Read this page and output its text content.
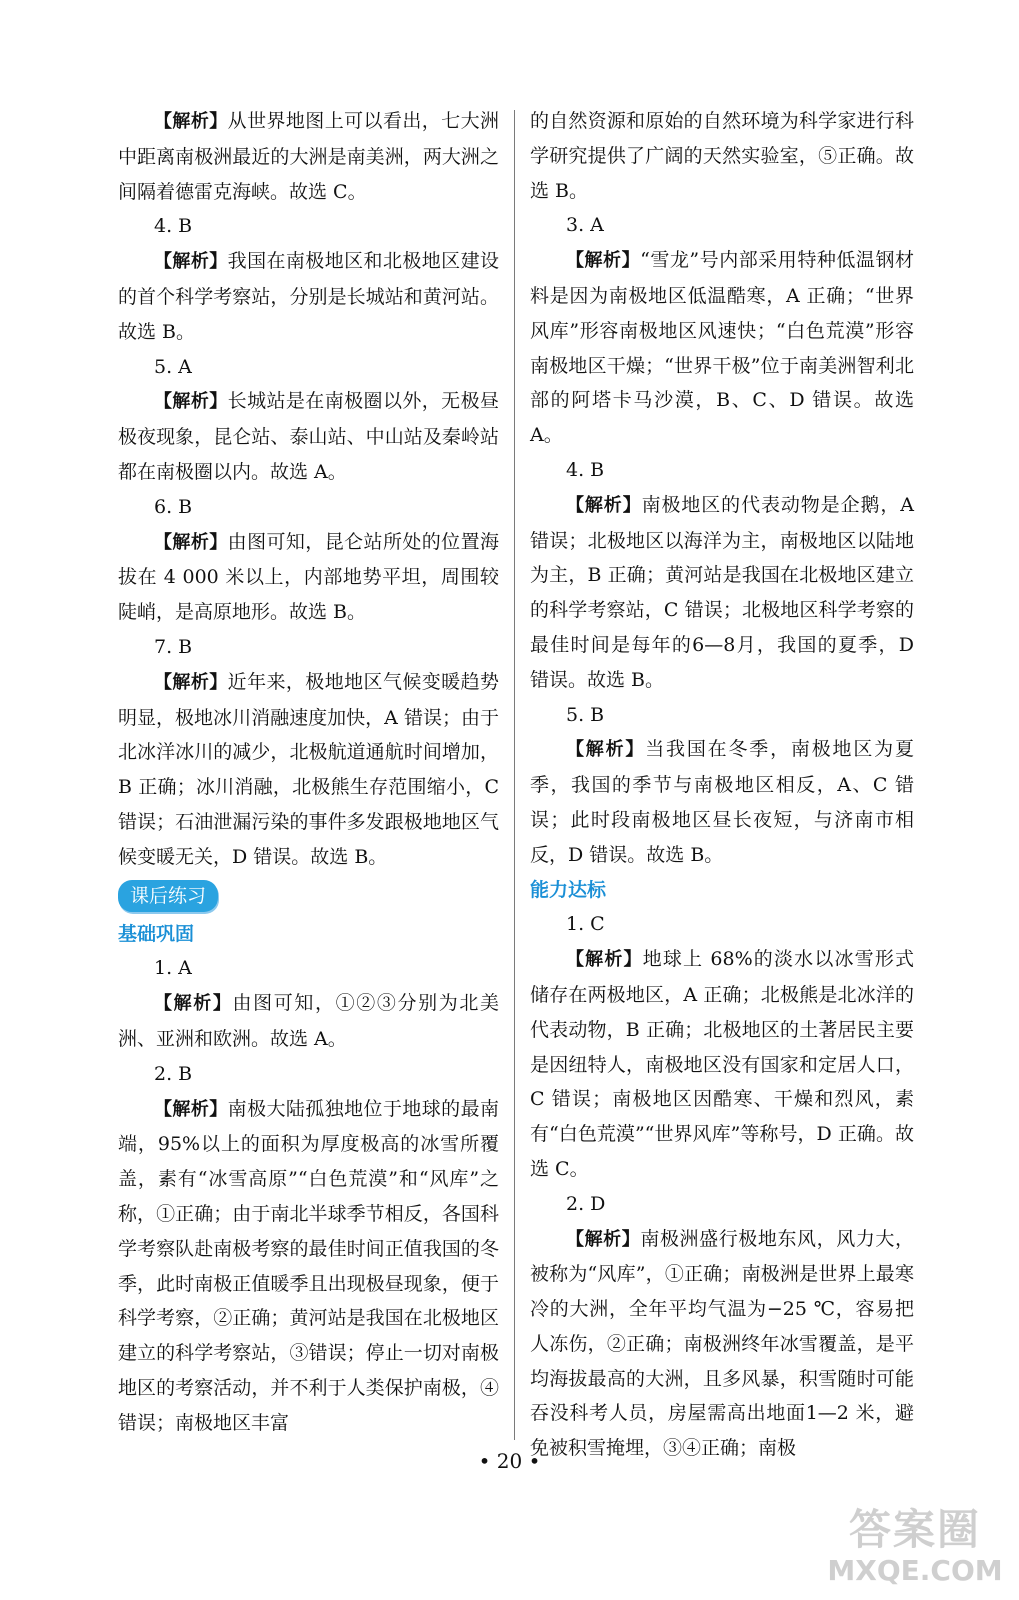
【解析】从世界地图上可以看出，七大洲中距离南极洲最近的大洲是南美洲，两大洲之间隔着德雷克海峡。故选 C。
4. B
【解析】我国在南极地区和北极地区建设的首个科学考察站，分别是长城站和黄河站。故选 B。
5. A
【解析】长城站是在南极圈以外，无极昼极夜现象，昆仑站、泰山站、中山站及秦岭站都在南极圈以内。故选 A。
6. B
【解析】由图可知，昆仑站所处的位置海拔在 4 000 米以上，内部地势平坦，周围较陡峭，是高原地形。故选 B。
7. B
【解析】近年来，极地地区气候变暖趋势明显，极地冰川消融速度加快，A 错误；由于北冰洋冰川的减少，北极航道通航时间增加，B 正确；冰川消融，北极熊生存范围缩小，C 错误；石油泄漏污染的事件多发跟极地地区气候变暖无关，D 错误。故选 B。
课后练习
基础巩固
1. A
【解析】由图可知，①②③分别为北美洲、亚洲和欧洲。故选 A。
2. B
【解析】南极大陆孤独地位于地球的最南端，95%以上的面积为厚度极高的冰雪所覆盖，素有“冰雪高原”“白色荒漠”和“风库”之称，①正确；由于南北半球季节相反，各国科学考察队赴南极考察的最佳时间正值我国的冬季，此时南极正值暖季且出现极昼现象，便于科学考察，②正确；黄河站是我国在北极地区建立的科学考察站，③错误；停止一切对南极地区的考察活动，并不利于人类保护南极，④错误；南极地区丰富
的自然资源和原始的自然环境为科学家进行科学研究提供了广阔的天然实验室，⑤正确。故选 B。
3. A
【解析】“雪龙”号内部采用特种低温钢材料是因为南极地区低温酷寒，A 正确；“世界风库”形容南极地区风速快；“白色荒漠”形容南极地区干燥；“世界干极”位于南美洲智利北部的阿塔卡马沙漠，B、C、D 错误。故选 A。
4. B
【解析】南极地区的代表动物是企鹅，A 错误；北极地区以海洋为主，南极地区以陆地为主，B 正确；黄河站是我国在北极地区建立的科学考察站，C 错误；北极地区科学考察的最佳时间是每年的6—8月，我国的夏季，D 错误。故选 B。
5. B
【解析】当我国在冬季，南极地区为夏季，我国的季节与南极地区相反，A、C 错误；此时段南极地区昼长夜短，与济南市相反，D 错误。故选 B。
能力达标
1. C
【解析】地球上 68%的淡水以冰雪形式储存在两极地区，A 正确；北极熊是北冰洋的代表动物，B 正确；北极地区的土著居民主要是因纽特人，南极地区没有国家和定居人口，C 错误；南极地区因酷寒、干燥和烈风，素有“白色荒漠”“世界风库”等称号，D 正确。故选 C。
2. D
【解析】南极洲盛行极地东风，风力大，被称为“风库”，①正确；南极洲是世界上最寒冷的大洲，全年平均气温为−25 ℃，容易把人冻伤，②正确；南极洲终年冰雪覆盖，是平均海拔最高的大洲，且多风暴，积雪随时可能吞没科考人员，房屋需高出地面1—2 米，避免被积雪掩埋，③④正确；南极
• 20 •
答案圈
MXQE.COM
